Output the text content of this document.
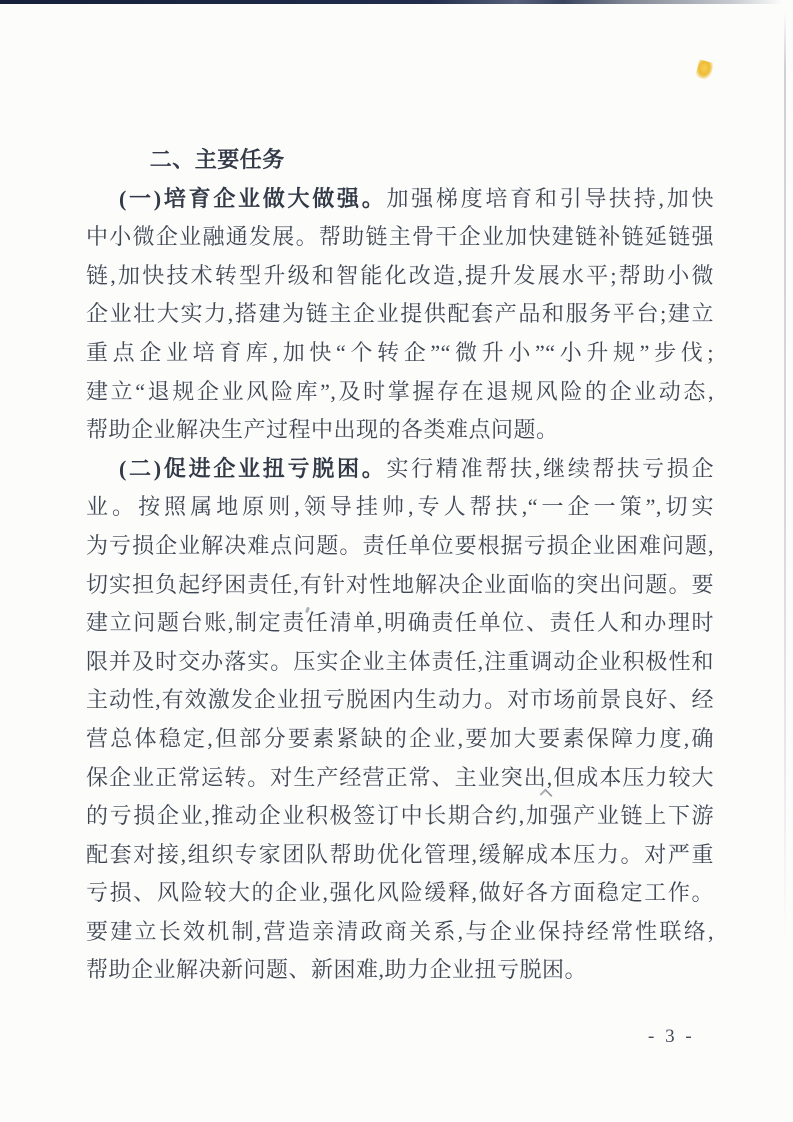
二、主要任务
(一)培育企业做大做强。加强梯度培育和引导扶持,加快
中小微企业融通发展。帮助链主骨干企业加快建链补链延链强
链,加快技术转型升级和智能化改造,提升发展水平;帮助小微
企业壮大实力,搭建为链主企业提供配套产品和服务平台;建立
重点企业培育库,加快“个转企”“微升小”“小升规”步伐;
建立“退规企业风险库”,及时掌握存在退规风险的企业动态,
帮助企业解决生产过程中出现的各类难点问题。
(二)促进企业扭亏脱困。实行精准帮扶,继续帮扶亏损企
业。按照属地原则,领导挂帅,专人帮扶,“一企一策”,切实
为亏损企业解决难点问题。责任单位要根据亏损企业困难问题,
切实担负起纾困责任,有针对性地解决企业面临的突出问题。要
建立问题台账,制定责任清单,明确责任单位、责任人和办理时
限并及时交办落实。压实企业主体责任,注重调动企业积极性和
主动性,有效激发企业扭亏脱困内生动力。对市场前景良好、经
营总体稳定,但部分要素紧缺的企业,要加大要素保障力度,确
保企业正常运转。对生产经营正常、主业突出,但成本压力较大
的亏损企业,推动企业积极签订中长期合约,加强产业链上下游
配套对接,组织专家团队帮助优化管理,缓解成本压力。对严重
亏损、风险较大的企业,强化风险缓释,做好各方面稳定工作。
要建立长效机制,营造亲清政商关系,与企业保持经常性联络,
帮助企业解决新问题、新困难,助力企业扭亏脱困。
- 3 -
